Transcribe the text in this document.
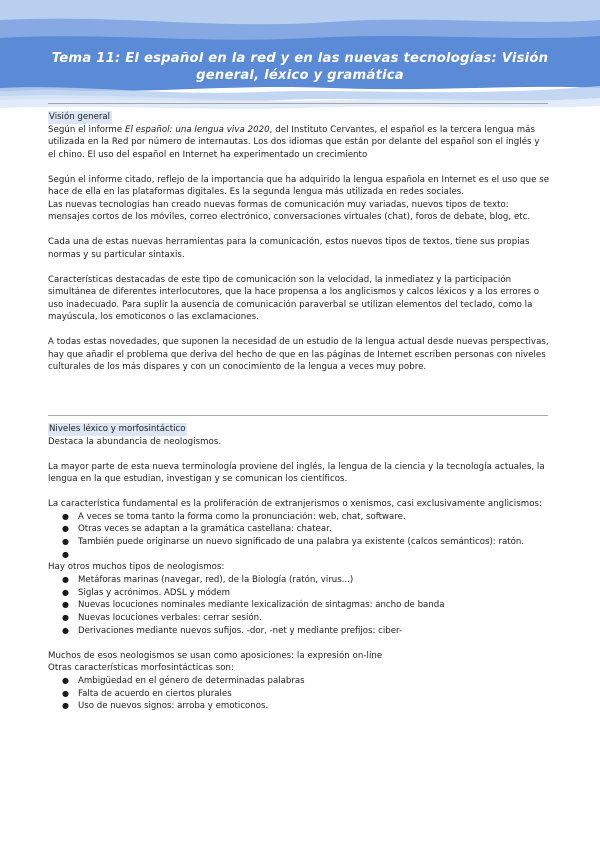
Tema 11: El español en la red y en las nuevas tecnologías: Visión general, léxico y gramática
Visión general

Según el informe El español: una lengua viva 2020, del Instituto Cervantes, el español es la tercera lengua más utilizada en la Red por número de internautas. Los dos idiomas que están por delante del español son el inglés y el chino. El uso del español en Internet ha experimentado un crecimiento

Según el informe citado, reflejo de la importancia que ha adquirido la lengua española en Internet es el uso que se hace de ella en las plataformas digitales. Es la segunda lengua más utilizada en redes sociales.

Las nuevas tecnologías han creado nuevas formas de comunicación muy variadas, nuevos tipos de texto: mensajes cortos de los móviles, correo electrónico, conversaciones virtuales (chat), foros de debate, blog, etc.

Cada una de estas nuevas herramientas para la comunicación, estos nuevos tipos de textos, tiene sus propias normas y su particular sintaxis.

Características destacadas de este tipo de comunicación son la velocidad, la inmediatez y la participación simultánea de diferentes interlocutores, que la hace propensa a los anglicismos y calcos léxicos y a los errores o uso inadecuado. Para suplir la ausencia de comunicación paraverbal se utilizan elementos del teclado, como la mayúscula, los emoticonos o las exclamaciones.

A todas estas novedades, que suponen la necesidad de un estudio de la lengua actual desde nuevas perspectivas, hay que añadir el problema que deriva del hecho de que en las páginas de Internet escriben personas con niveles culturales de los más dispares y con un conocimiento de la lengua a veces muy pobre.

Niveles léxico y morfosintáctico

Destaca la abundancia de neologismos.

La mayor parte de esta nueva terminología proviene del inglés, la lengua de la ciencia y la tecnología actuales, la lengua en la que estudian, investigan y se comunican los científicos.

La característica fundamental es la proliferación de extranjerismos o xenismos, casi exclusivamente anglicismos:

● A veces se toma tanto la forma como la pronunciación: web, chat, software.
● Otras veces se adaptan a la gramática castellana: chatear.
● También puede originarse un nuevo significado de una palabra ya existente (calcos semánticos): ratón.
●

Hay otros muchos tipos de neologismos:

● Metáforas marinas (navegar, red), de la Biología (ratón, virus...)
● Siglas y acrónimos. ADSL y módem
● Nuevas locuciones nominales mediante lexicalización de sintagmas: ancho de banda
● Nuevas locuciones verbales: cerrar sesión.
● Derivaciones mediante nuevos sufijos. -dor, -net y mediante prefijos: ciber-

Muchos de esos neologismos se usan como aposiciones: la expresión on-line

Otras características morfosintácticas son:

● Ambigüedad en el género de determinadas palabras
● Falta de acuerdo en ciertos plurales
● Uso de nuevos signos: arroba y emoticonos.
